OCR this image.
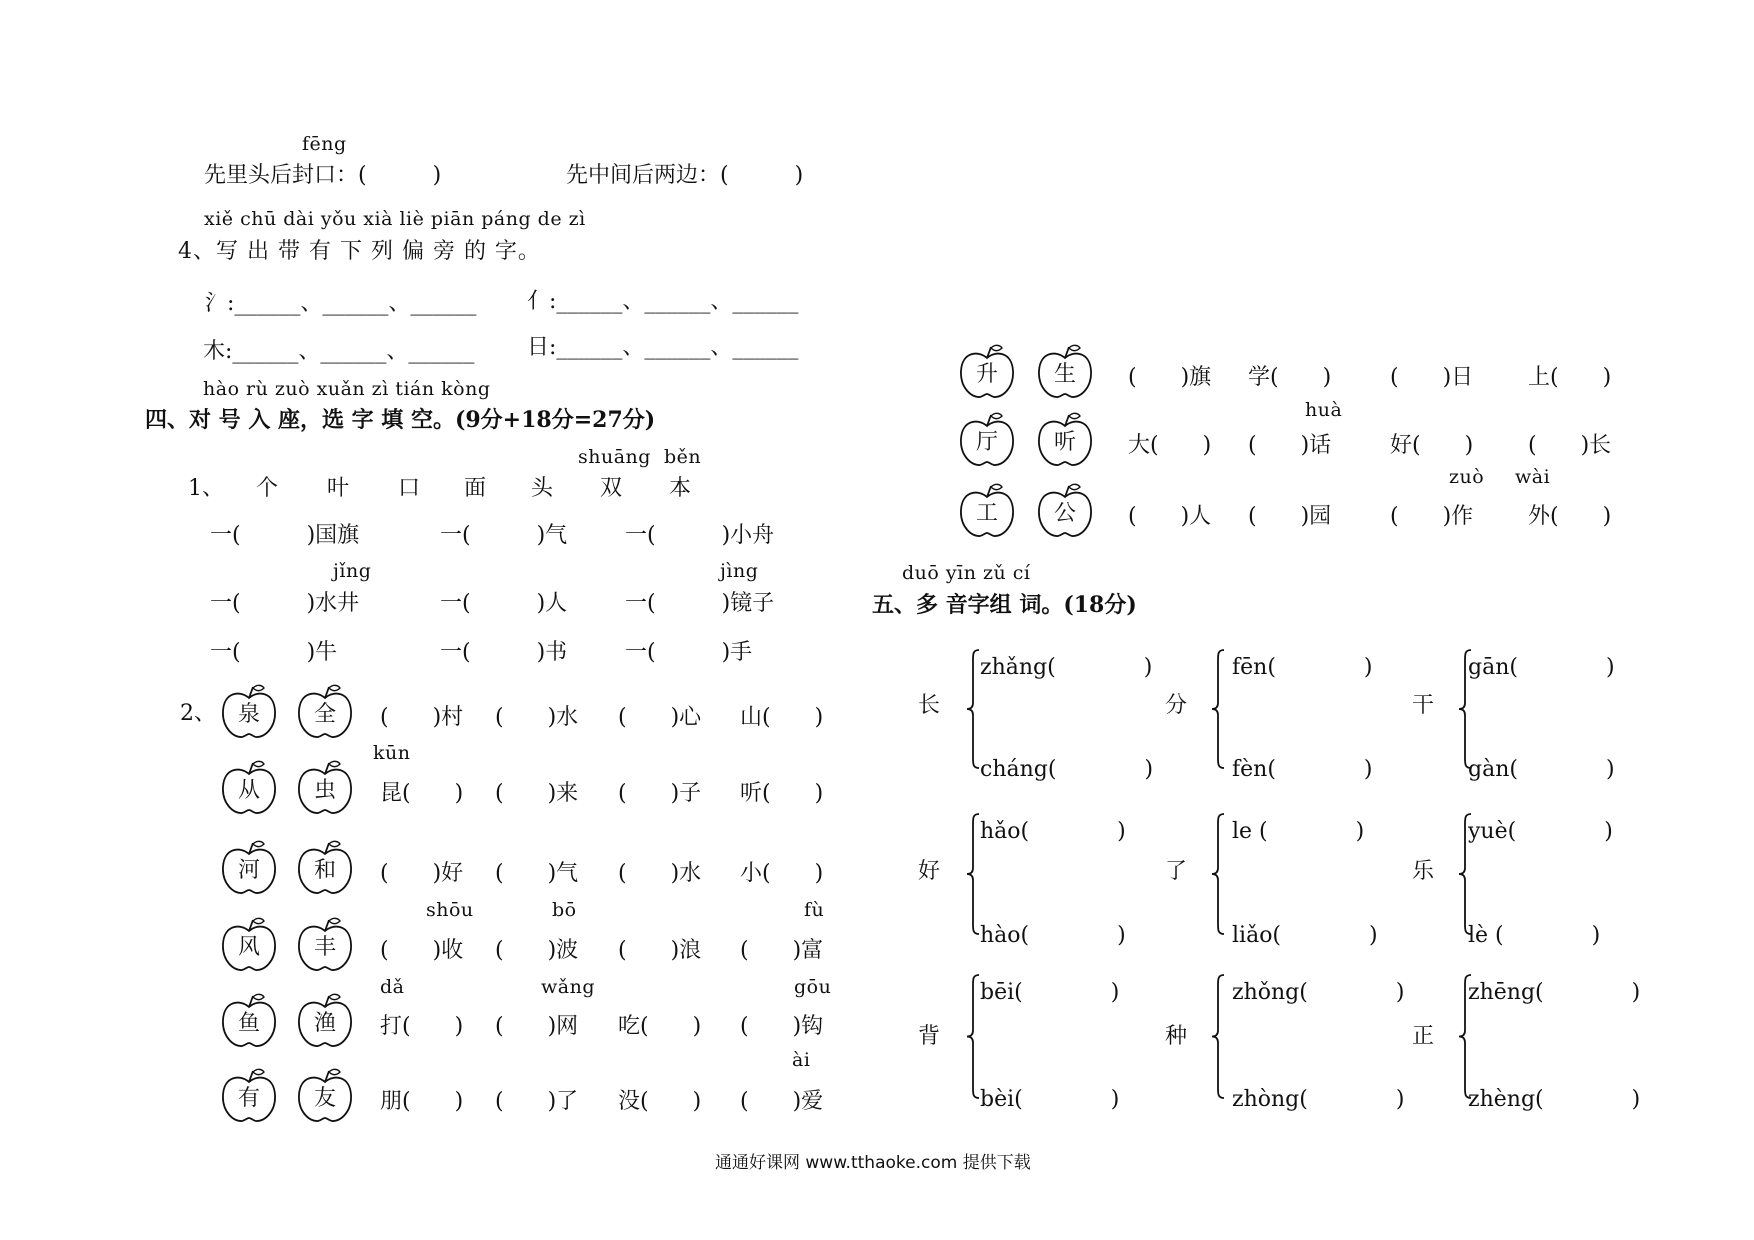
fēng
先里头后封口：(　　　)	先中间后两边：(　　　)
xiě chū dài yǒu xià liè piān páng de zì
4、写 出 带 有 下 列 偏 旁 的 字。
氵:______、______、______ 亻:______、______、______
木:______、______、______ 日:______、______、______
hào rù zuò xuǎn zì tián kòng
四、对 号 入 座，选 字 填 空。(9分+18分=27分)
shuāng běn
1、 个 叶 口 面 头 双 本
一(　　　)国旗	一(　　　)气	一(　　　)小舟
jǐng	jìng
一(　　　)水井	一(　　　)人	一(　　　)镜子
一(　　　)牛	一(　　　)书	一(　　　)手
2、
kūn
shōu	bō	fù
dǎ	wǎng	gōu
ài
泉	全	(　　)村 (　　)水 (　　)心 山(　　)
从	虫	昆(　　) (　　)来 (　　)子 听(　　)
河	和	(　　)好 (　　)气 (　　)水 小(　　)
风	丰	(　　)收 (　　)波 (　　)浪 (　　)富
鱼	渔	打(　　) (　　)网 吃(　　) (　　)钩
有	友	朋(　　) (　　)了 没(　　) (　　)爱
huà
zuò wài
升	生	(　　)旗 学(　　)	(　　)日 上(　　)
厅	听	大(　　) (　　)话	好(　　) (　　)长
工	公	(　　)人 (　　)园	(　　)作 外(　　)
duō yīn zǔ cí
五、多 音字组 词。(18分)
长
zhǎng(　　　　)
cháng(　　　　)
分
fēn(　　　　)
fèn(　　　　)
干
gān(　　　　)
gàn(　　　　)
好
hǎo(　　　　)
hào(　　　　)
了
le (　　　　)
liǎo(　　　　)
乐
yuè(　　　　)
lè (　　　　)
背
bēi(　　　　)
bèi(　　　　)
种
zhǒng(　　　　)
zhòng(　　　　)
正
zhēng(　　　　)
zhèng(　　　　)
通通好课网 www.tthaoke.com 提供下载
